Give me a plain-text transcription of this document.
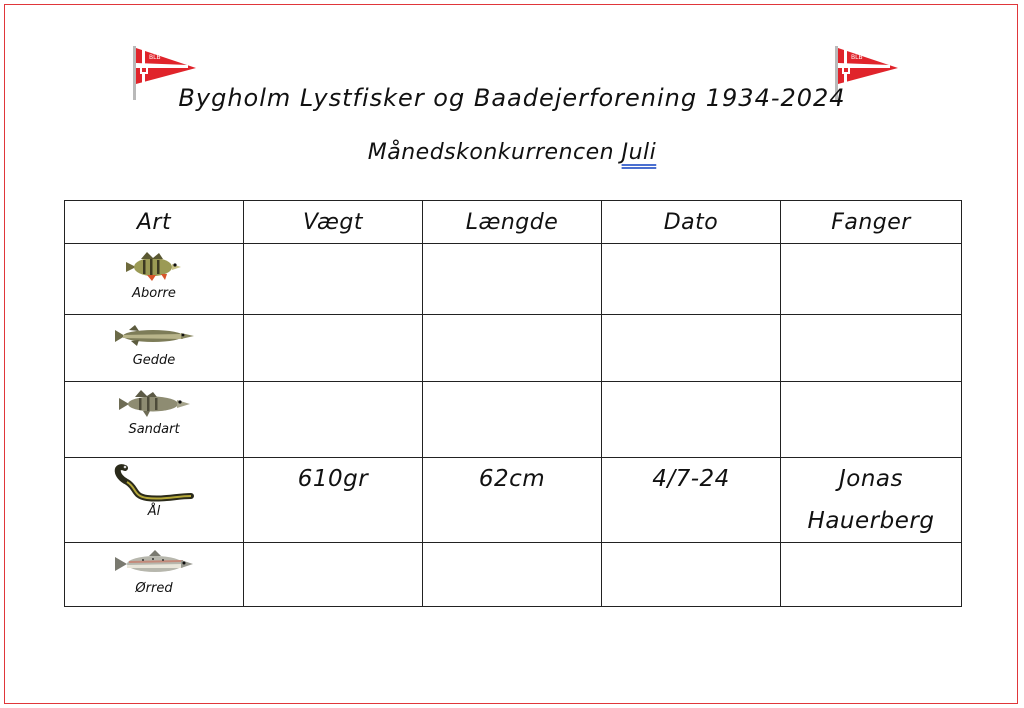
BLB	BLB
Bygholm Lystfisker og Baadejerforening 1934-2024
Månedskonkurrencen Juli
Art	Vægt	Længde	Dato	Fanger

Aborre				

Gedde				

Sandart				

Ål	610gr	62cm	4/7-24	Jonas
Hauerberg

Ørred				
